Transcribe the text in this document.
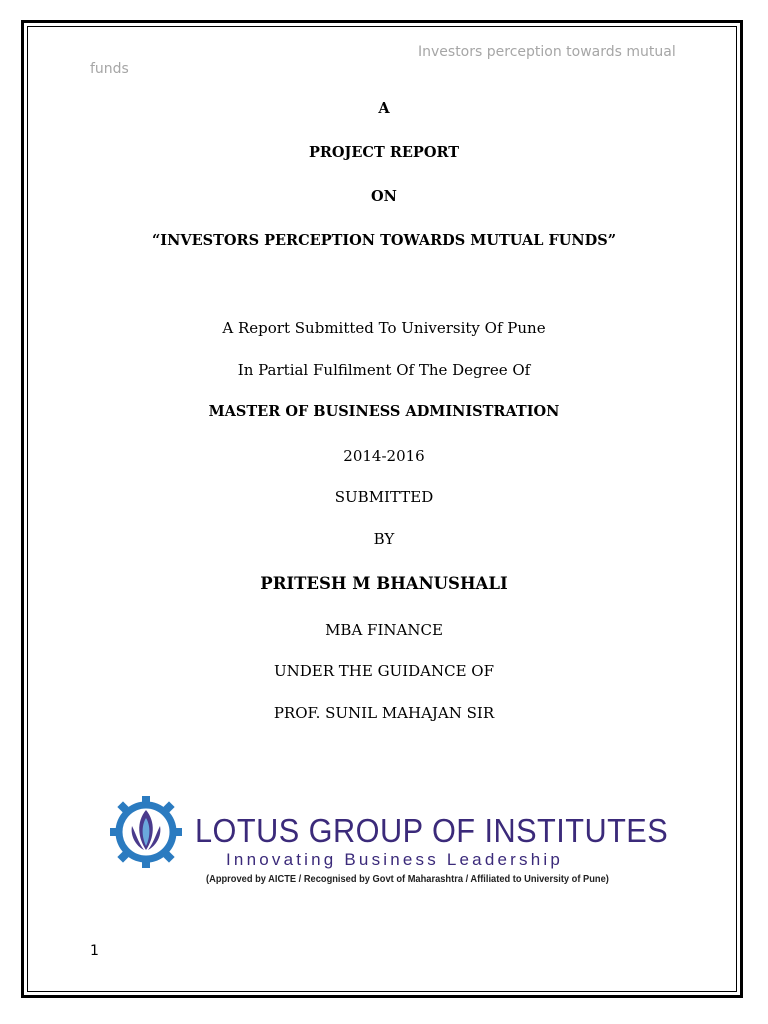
Investors perception towards mutual
funds
A
PROJECT REPORT
ON
“INVESTORS PERCEPTION TOWARDS MUTUAL FUNDS”
A Report Submitted To University Of Pune
In Partial Fulfilment Of The Degree Of
MASTER OF BUSINESS ADMINISTRATION
2014-2016
SUBMITTED
BY
PRITESH M BHANUSHALI
MBA FINANCE
UNDER THE GUIDANCE OF
PROF. SUNIL MAHAJAN SIR
LOTUS GROUP OF INSTITUTES
Innovating Business Leadership
(Approved by AICTE / Recognised by Govt of Maharashtra / Affiliated to University of Pune)
1
